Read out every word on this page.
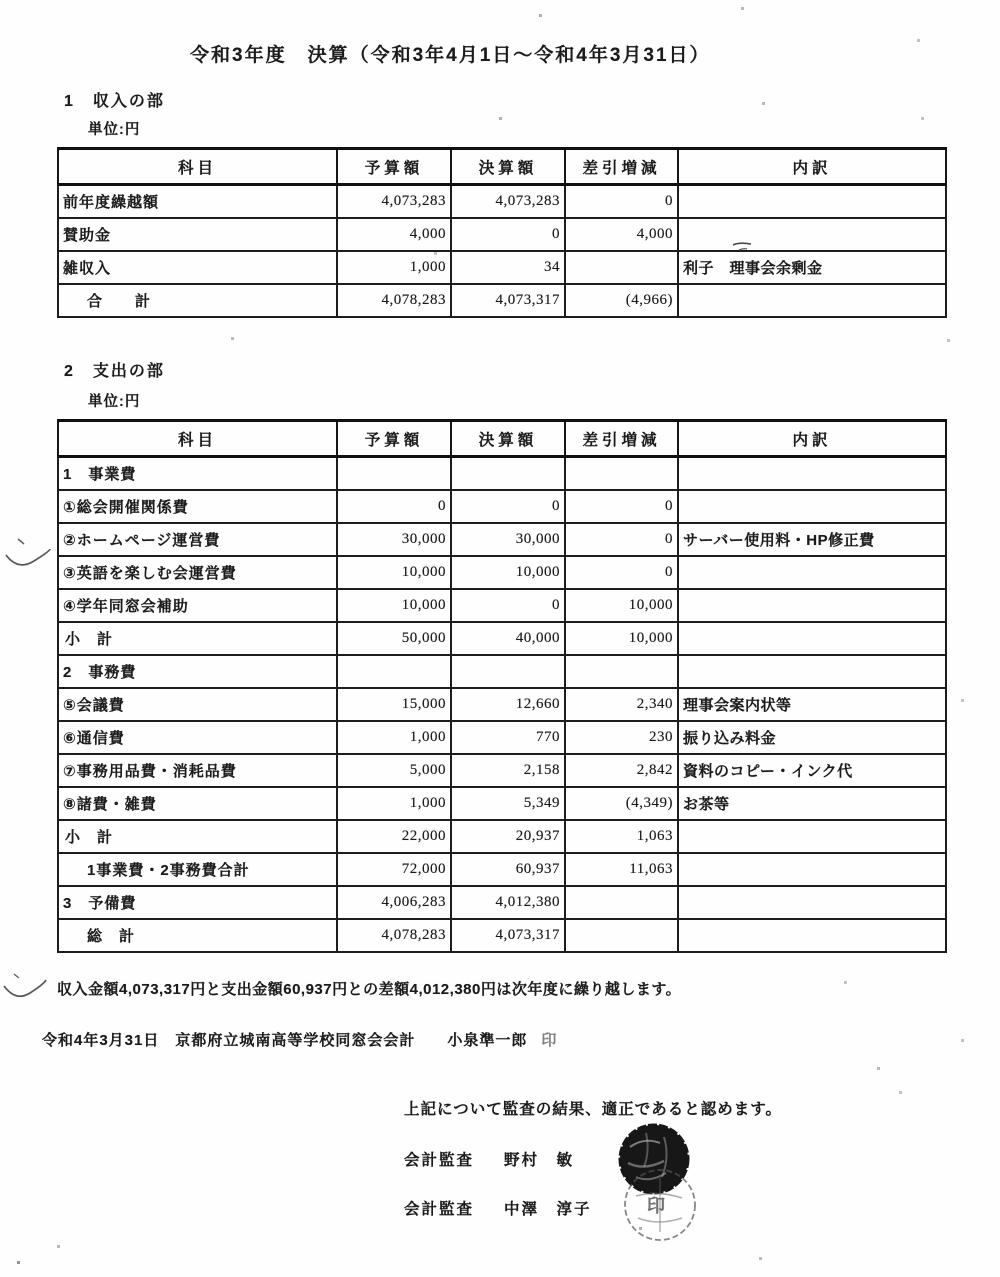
令和3年度　決算（令和3年4月1日～令和4年3月31日）
1　収入の部
単位:円
科目	予算額	決算額	差引増減	内訳
前年度繰越額	4,073,283	4,073,283	0	
賛助金	4,000	0	4,000	
雑収入	1,000	34		利子　理事会余剰金
合　　計	4,078,283	4,073,317	(4,966)	
2　支出の部
単位:円
科目	予算額	決算額	差引増減	内訳
1　事業費				
①総会開催関係費	0	0	0	
②ホームページ運営費	30,000	30,000	0	サーバー使用料・HP修正費
③英語を楽しむ会運営費	10,000	10,000	0	
④学年同窓会補助	10,000	0	10,000	
小　計	50,000	40,000	10,000	
2　事務費				
⑤会議費	15,000	12,660	2,340	理事会案内状等
⑥通信費	1,000	770	230	振り込み料金
⑦事務用品費・消耗品費	5,000	2,158	2,842	資料のコピー・インク代
⑧諸費・雑費	1,000	5,349	(4,349)	お茶等
小　計	22,000	20,937	1,063	
1事業費・2事務費合計	72,000	60,937	11,063	
3　予備費	4,006,283	4,012,380		
総　計	4,078,283	4,073,317		
収入金額4,073,317円と支出金額60,937円との差額4,012,380円は次年度に繰り越します。
令和4年3月31日　京都府立城南高等学校同窓会会計　　小泉準一郎 印
上記について監査の結果、適正であると認めます。
会計監査 野村　敏
会計監査 中澤　淳子	印
